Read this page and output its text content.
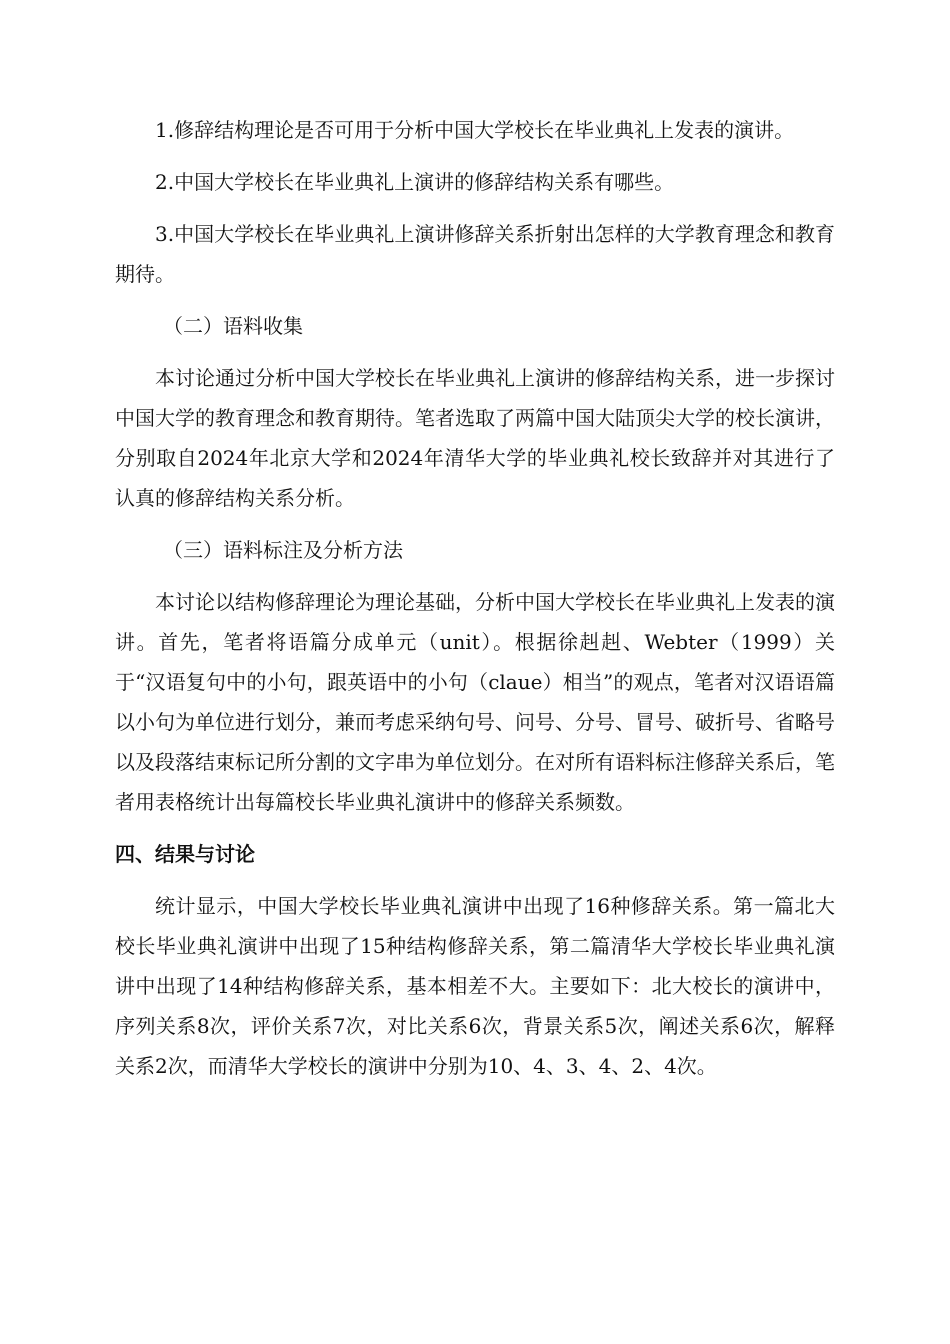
1.修辞结构理论是否可用于分析中国大学校长在毕业典礼上发表的演讲。

2.中国大学校长在毕业典礼上演讲的修辞结构关系有哪些。

3.中国大学校长在毕业典礼上演讲修辞关系折射出怎样的大学教育理念和教育期待。

（二）语料收集

本讨论通过分析中国大学校长在毕业典礼上演讲的修辞结构关系，进一步探讨中国大学的教育理念和教育期待。笔者选取了两篇中国大陆顶尖大学的校长演讲，分别取自2024年北京大学和2024年清华大学的毕业典礼校长致辞并对其进行了认真的修辞结构关系分析。

（三）语料标注及分析方法

本讨论以结构修辞理论为理论基础，分析中国大学校长在毕业典礼上发表的演讲。首先，笔者将语篇分成单元（unit）。根据徐赳赳、Webter（1999）关于“汉语复句中的小句，跟英语中的小句（claue）相当”的观点，笔者对汉语语篇以小句为单位进行划分，兼而考虑采纳句号、问号、分号、冒号、破折号、省略号以及段落结束标记所分割的文字串为单位划分。在对所有语料标注修辞关系后，笔者用表格统计出每篇校长毕业典礼演讲中的修辞关系频数。

四、结果与讨论

统计显示，中国大学校长毕业典礼演讲中出现了16种修辞关系。第一篇北大校长毕业典礼演讲中出现了15种结构修辞关系，第二篇清华大学校长毕业典礼演讲中出现了14种结构修辞关系，基本相差不大。主要如下：北大校长的演讲中，序列关系8次，评价关系7次，对比关系6次，背景关系5次，阐述关系6次，解释关系2次，而清华大学校长的演讲中分别为10、4、3、4、2、4次。
